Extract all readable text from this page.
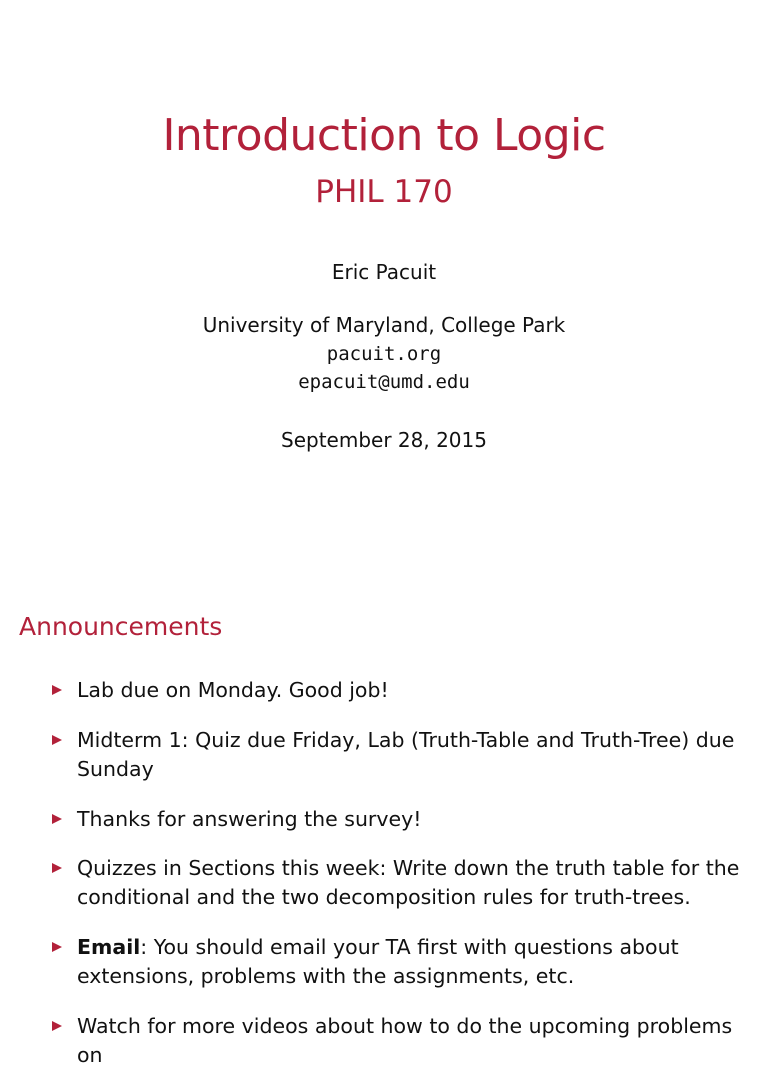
Introduction to Logic
PHIL 170
Eric Pacuit
University of Maryland, College Park
pacuit.org
epacuit@umd.edu
September 28, 2015
Announcements
Lab due on Monday. Good job!
Midterm 1: Quiz due Friday, Lab (Truth-Table and Truth-Tree) due Sunday
Thanks for answering the survey!
Quizzes in Sections this week: Write down the truth table for the conditional and the two decomposition rules for truth-trees.
Email: You should email your TA first with questions about extensions, problems with the assignments, etc.
Watch for more videos about how to do the upcoming problems on
